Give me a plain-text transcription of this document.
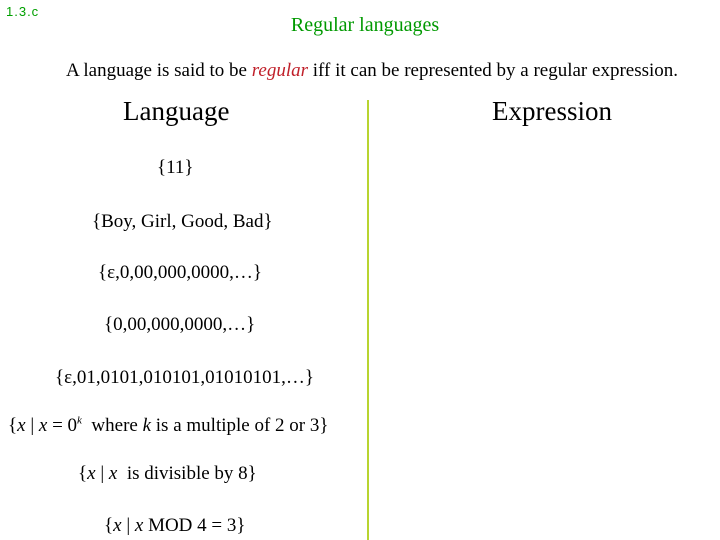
1.3.c
Regular languages
A language is said to be regular iff it can be represented by a regular expression.
Language	Expression
{11}
{Boy, Girl, Good, Bad}
{ε,0,00,000,0000,…}
{0,00,000,0000,…}
{ε,01,0101,010101,01010101,…}
{x | $x = 0^k$  where k is a multiple of 2 or 3}
{x | x  is divisible by 8}
{x | x MOD 4 = 3}
